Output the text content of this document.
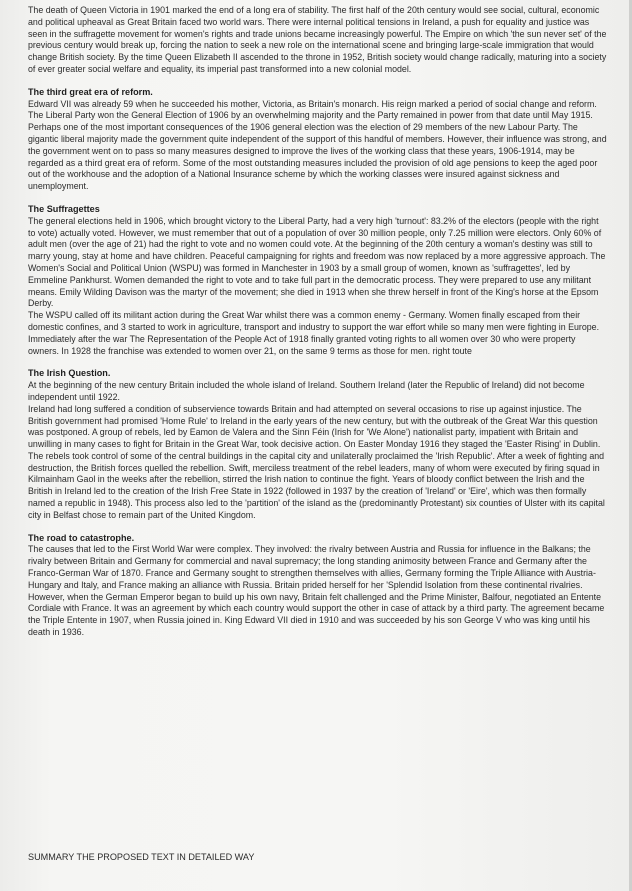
The death of Queen Victoria in 1901 marked the end of a long era of stability. The first half of the 20th century would see social, cultural, economic and political upheaval as Great Britain faced two world wars. There were internal political tensions in Ireland, a push for equality and justice was seen in the suffragette movement for women's rights and trade unions became increasingly powerful. The Empire on which 'the sun never set' of the previous century would break up, forcing the nation to seek a new role on the international scene and bringing large-scale immigration that would change British society. By the time Queen Elizabeth II ascended to the throne in 1952, British society would change radically, maturing into a society of ever greater social welfare and equality, its imperial past transformed into a new colonial model.

The third great era of reform.

Edward VII was already 59 when he succeeded his mother, Victoria, as Britain's monarch. His reign marked a period of social change and reform. The Liberal Party won the General Election of 1906 by an overwhelming majority and the Party remained in power from that date until May 1915. Perhaps one of the most important consequences of the 1906 general election was the election of 29 members of the new Labour Party. The gigantic liberal majority made the government quite independent of the support of this handful of members. However, their influence was strong, and the government went on to pass so many measures designed to improve the lives of the working class that these years, 1906-1914, may be regarded as a third great era of reform. Some of the most outstanding measures included the provision of old age pensions to keep the aged poor out of the workhouse and the adoption of a National Insurance scheme by which the working classes were insured against sickness and unemployment.

The Suffragettes

The general elections held in 1906, which brought victory to the Liberal Party, had a very high 'turnout': 83.2% of the electors (people with the right to vote) actually voted. However, we must remember that out of a population of over 30 million people, only 7.25 million were electors. Only 60% of adult men (over the age of 21) had the right to vote and no women could vote. At the beginning of the 20th century a woman's destiny was still to marry young, stay at home and have children. Peaceful campaigning for rights and freedom was now replaced by a more aggressive approach. The Women's Social and Political Union (WSPU) was formed in Manchester in 1903 by a small group of women, known as 'suffragettes', led by Emmeline Pankhurst. Women demanded the right to vote and to take full part in the democratic process. They were prepared to use any militant means. Emily Wilding Davison was the martyr of the movement; she died in 1913 when she threw herself in front of the King's horse at the Epsom Derby.

The WSPU called off its militant action during the Great War whilst there was a common enemy - Germany. Women finally escaped from their domestic confines, and 3 started to work in agriculture, transport and industry to support the war effort while so many men were fighting in Europe. Immediately after the war The Representation of the People Act of 1918 finally granted voting rights to all women over 30 who were property owners. In 1928 the franchise was extended to women over 21, on the same 9 terms as those for men. right toute

The Irish Question.

At the beginning of the new century Britain included the whole island of Ireland. Southern Ireland (later the Republic of Ireland) did not become independent until 1922.

Ireland had long suffered a condition of subservience towards Britain and had attempted on several occasions to rise up against injustice. The British government had promised 'Home Rule' to Ireland in the early years of the new century, but with the outbreak of the Great War this question was postponed. A group of rebels, led by Eamon de Valera and the Sinn Féin (Irish for 'We Alone') nationalist party, impatient with Britain and unwilling in many cases to fight for Britain in the Great War, took decisive action. On Easter Monday 1916 they staged the 'Easter Rising' in Dublin. The rebels took control of some of the central buildings in the capital city and unilaterally proclaimed the 'Irish Republic'. After a week of fighting and destruction, the British forces quelled the rebellion. Swift, merciless treatment of the rebel leaders, many of whom were executed by firing squad in Kilmainham Gaol in the weeks after the rebellion, stirred the Irish nation to continue the fight. Years of bloody conflict between the Irish and the British in Ireland led to the creation of the Irish Free State in 1922 (followed in 1937 by the creation of 'Ireland' or 'Eire', which was then formally named a republic in 1948). This process also led to the 'partition' of the island as the (predominantly Protestant) six counties of Ulster with its capital city in Belfast chose to remain part of the United Kingdom.

The road to catastrophe.

The causes that led to the First World War were complex. They involved: the rivalry between Austria and Russia for influence in the Balkans; the rivalry between Britain and Germany for commercial and naval supremacy; the long standing animosity between France and Germany after the Franco-German War of 1870. France and Germany sought to strengthen themselves with allies, Germany forming the Triple Alliance with Austria-Hungary and Italy, and France making an alliance with Russia. Britain prided herself for her 'Splendid Isolation from these continental rivalries. However, when the German Emperor began to build up his own navy, Britain felt challenged and the Prime Minister, Balfour, negotiated an Entente Cordiale with France. It was an agreement by which each country would support the other in case of attack by a third party. The agreement became the Triple Entente in 1907, when Russia joined in. King Edward VII died in 1910 and was succeeded by his son George V who was king until his death in 1936.

SUMMARY THE PROPOSED TEXT IN DETAILED WAY
